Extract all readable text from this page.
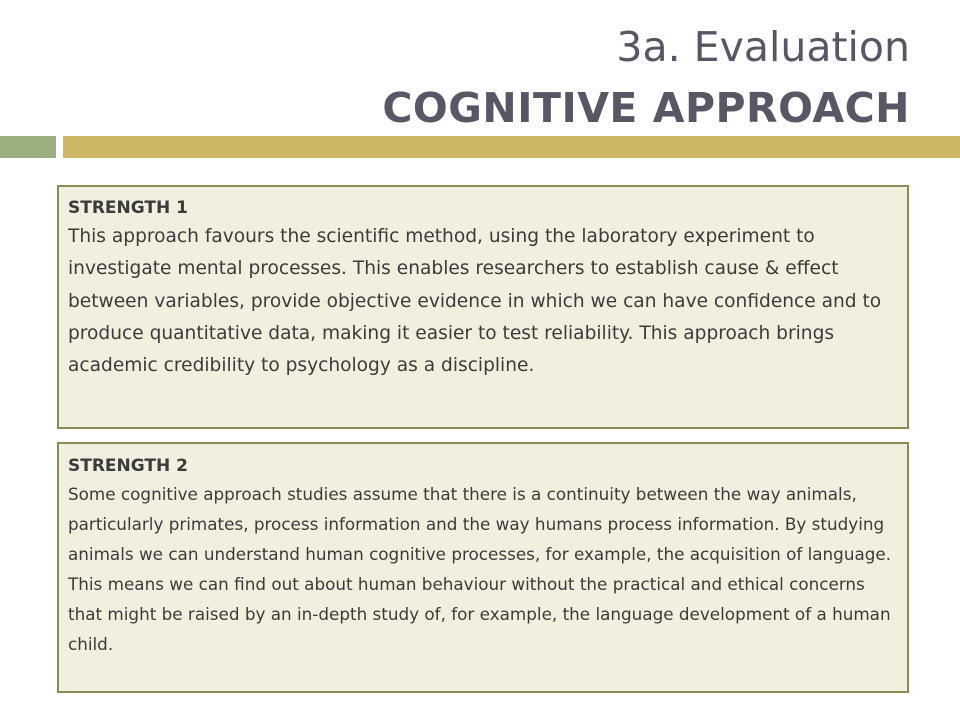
3a. Evaluation
COGNITIVE APPROACH

STRENGTH 1

This approach favours the scientific method, using the laboratory experiment to investigate mental processes. This enables researchers to establish cause & effect between variables, provide objective evidence in which we can have confidence and to produce quantitative data, making it easier to test reliability. This approach brings academic credibility to psychology as a discipline.

STRENGTH 2

Some cognitive approach studies assume that there is a continuity between the way animals, particularly primates, process information and the way humans process information. By studying animals we can understand human cognitive processes, for example, the acquisition of language. This means we can find out about human behaviour without the practical and ethical concerns that might be raised by an in-depth study of, for example, the language development of a human child.
